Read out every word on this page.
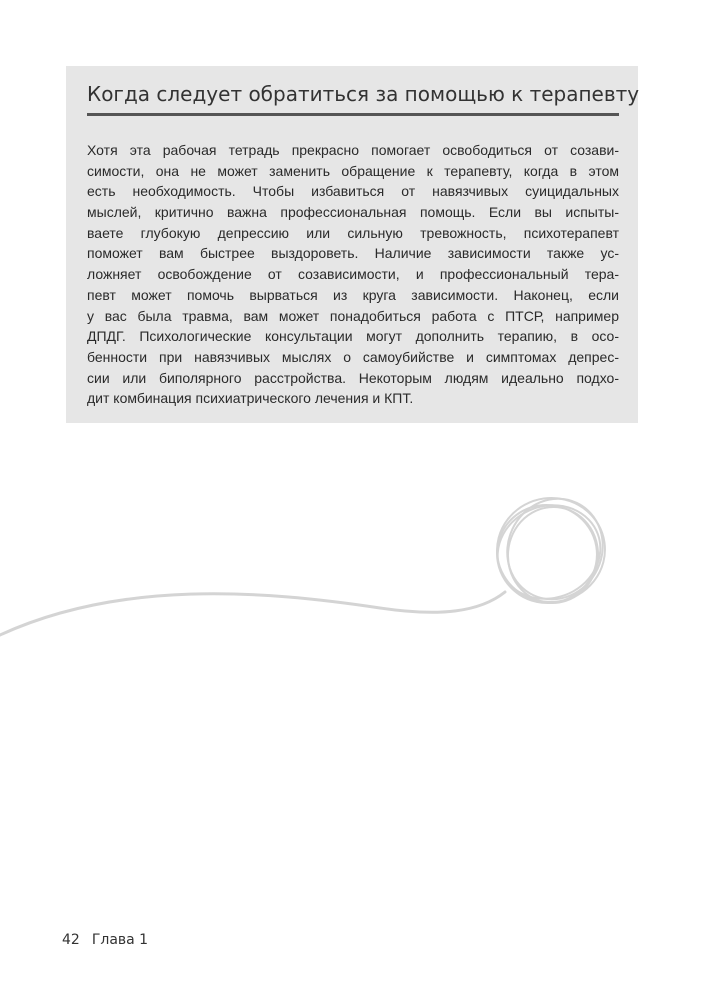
Когда следует обратиться за помощью к терапевту
Хотя эта рабочая тетрадь прекрасно помогает освободиться от созави-
симости, она не может заменить обращение к терапевту, когда в этом
есть необходимость. Чтобы избавиться от навязчивых суицидальных
мыслей, критично важна профессиональная помощь. Если вы испыты-
ваете глубокую депрессию или сильную тревожность, психотерапевт
поможет вам быстрее выздороветь. Наличие зависимости также ус-
ложняет освобождение от созависимости, и профессиональный тера-
певт может помочь вырваться из круга зависимости. Наконец, если
у вас была травма, вам может понадобиться работа с ПТСР, например
ДПДГ. Психологические консультации могут дополнить терапию, в осо-
бенности при навязчивых мыслях о самоубийстве и симптомах депрес-
сии или биполярного расстройства. Некоторым людям идеально подхо-
дит комбинация психиатрического лечения и КПТ.
42 Глава 1
